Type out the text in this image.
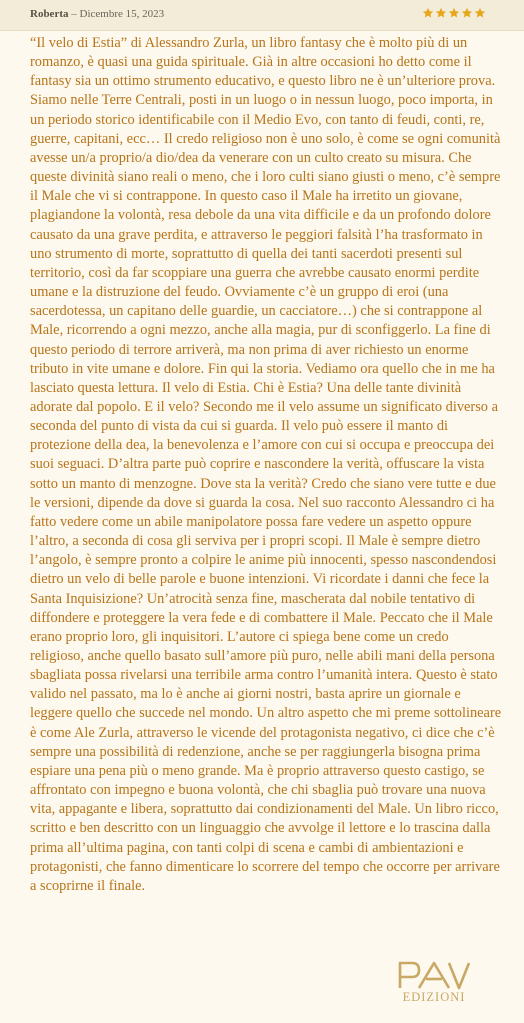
Roberta – Dicembre 15, 2023

“Il velo di Estia” di Alessandro Zurla, un libro fantasy che è molto più di un romanzo, è quasi una guida spirituale. Già in altre occasioni ho detto come il fantasy sia un ottimo strumento educativo, e questo libro ne è un’ulteriore prova. Siamo nelle Terre Centrali, posti in un luogo o in nessun luogo, poco importa, in un periodo storico identificabile con il Medio Evo, con tanto di feudi, conti, re, guerre, capitani, ecc… Il credo religioso non è uno solo, è come se ogni comunità avesse un/a proprio/a dio/dea da venerare con un culto creato su misura. Che queste divinità siano reali o meno, che i loro culti siano giusti o meno, c’è sempre il Male che vi si contrappone. In questo caso il Male ha irretito un giovane, plagiandone la volontà, resa debole da una vita difficile e da un profondo dolore causato da una grave perdita, e attraverso le peggiori falsità l’ha trasformato in uno strumento di morte, soprattutto di quella dei tanti sacerdoti presenti sul territorio, così da far scoppiare una guerra che avrebbe causato enormi perdite umane e la distruzione del feudo. Ovviamente c’è un gruppo di eroi (una sacerdotessa, un capitano delle guardie, un cacciatore…) che si contrappone al Male, ricorrendo a ogni mezzo, anche alla magia, pur di sconfiggerlo. La fine di questo periodo di terrore arriverà, ma non prima di aver richiesto un enorme tributo in vite umane e dolore. Fin qui la storia. Vediamo ora quello che in me ha lasciato questa lettura. Il velo di Estia. Chi è Estia? Una delle tante divinità adorate dal popolo. E il velo? Secondo me il velo assume un significato diverso a seconda del punto di vista da cui si guarda. Il velo può essere il manto di protezione della dea, la benevolenza e l’amore con cui si occupa e preoccupa dei suoi seguaci. D’altra parte può coprire e nascondere la verità, offuscare la vista sotto un manto di menzogne. Dove sta la verità? Credo che siano vere tutte e due le versioni, dipende da dove si guarda la cosa. Nel suo racconto Alessandro ci ha fatto vedere come un abile manipolatore possa fare vedere un aspetto oppure l’altro, a seconda di cosa gli serviva per i propri scopi. Il Male è sempre dietro l’angolo, è sempre pronto a colpire le anime più innocenti, spesso nascondendosi dietro un velo di belle parole e buone intenzioni. Vi ricordate i danni che fece la Santa Inquisizione? Un’atrocità senza fine, mascherata dal nobile tentativo di diffondere e proteggere la vera fede e di combattere il Male. Peccato che il Male erano proprio loro, gli inquisitori. L’autore ci spiega bene come un credo religioso, anche quello basato sull’amore più puro, nelle abili mani della persona sbagliata possa rivelarsi una terribile arma contro l’umanità intera. Questo è stato valido nel passato, ma lo è anche ai giorni nostri, basta aprire un giornale e leggere quello che succede nel mondo. Un altro aspetto che mi preme sottolineare è come Ale Zurla, attraverso le vicende del protagonista negativo, ci dice che c’è sempre una possibilità di redenzione, anche se per raggiungerla bisogna prima espiare una pena più o meno grande. Ma è proprio attraverso questo castigo, se affrontato con impegno e buona volontà, che chi sbaglia può trovare una nuova vita, appagante e libera, soprattutto dai condizionamenti del Male. Un libro ricco, scritto e ben descritto con un linguaggio che avvolge il lettore e lo trascina dalla prima all’ultima pagina, con tanti colpi di scena e cambi di ambientazioni e protagonisti, che fanno dimenticare lo scorrere del tempo che occorre per arrivare a scoprirne il finale.

EDIZIONI
